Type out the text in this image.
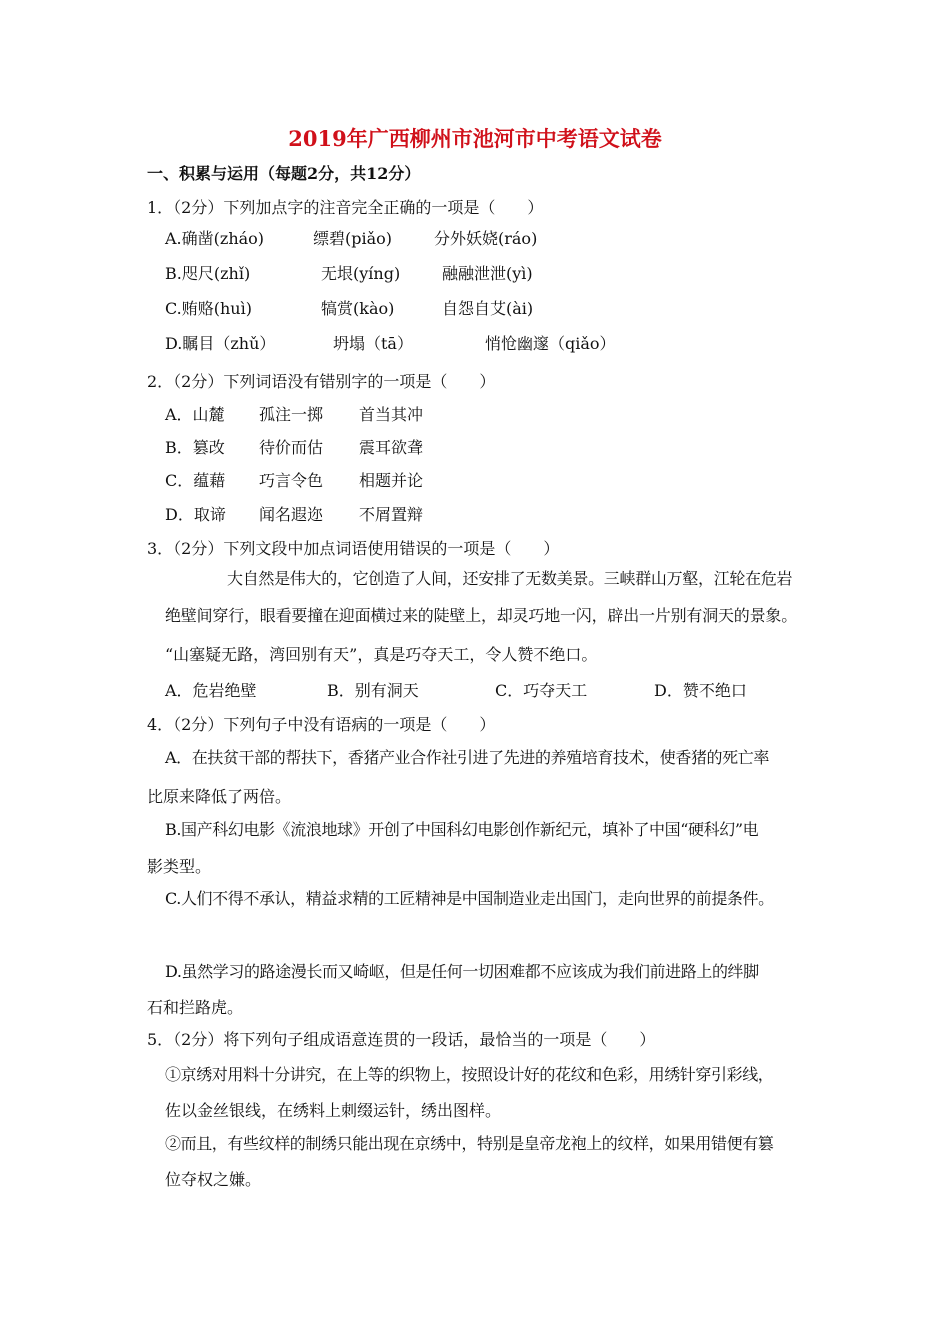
2019年广西柳州市池河市中考语文试卷
一、积累与运用（每题2分，共12分）
1．（2分）下列加点字的注音完全正确的一项是（　　）
A.确凿(zháo)	缥碧(piǎo)	分外妖娆(ráo)
B.咫尺(zhǐ)	无垠(yíng)	融融泄泄(yì)
C.贿赂(huì)	犒赏(kào)	自怨自艾(ài)
D.瞩目（zhǔ）	坍塌（tā）	悄怆幽邃（qiǎo）
2．（2分）下列词语没有错别字的一项是（　　）
A．山麓 孤注一掷 首当其冲
B．篡改 待价而估 震耳欲聋
C．蕴藉 巧言令色 相题并论
D．取谛 闻名遐迩 不屑置辩
3．（2分）下列文段中加点词语使用错误的一项是（　　）
大自然是伟大的，它创造了人间，还安排了无数美景。三峡群山万壑，江轮在危岩
绝壁间穿行，眼看要撞在迎面横过来的陡壁上，却灵巧地一闪，辟出一片别有洞天的景象。
“山塞疑无路，湾回别有天”，真是巧夺天工，令人赞不绝口。
A．危岩绝壁	B．别有洞天	C．巧夺天工	D．赞不绝口
4．（2分）下列句子中没有语病的一项是（　　）
A．在扶贫干部的帮扶下，香猪产业合作社引进了先进的养殖培育技术，使香猪的死亡率
比原来降低了两倍。
B.国产科幻电影《流浪地球》开创了中国科幻电影创作新纪元，填补了中国“硬科幻”电
影类型。
C.人们不得不承认，精益求精的工匠精神是中国制造业走出国门，走向世界的前提条件。
D.虽然学习的路途漫长而又崎岖，但是任何一切困难都不应该成为我们前进路上的绊脚
石和拦路虎。
5．（2分）将下列句子组成语意连贯的一段话，最恰当的一项是（　　）
①京绣对用料十分讲究，在上等的织物上，按照设计好的花纹和色彩，用绣针穿引彩线，
佐以金丝银线，在绣料上刺缀运针，绣出图样。
②而且，有些纹样的制绣只能出现在京绣中，特别是皇帝龙袍上的纹样，如果用错便有篡
位夺权之嫌。
